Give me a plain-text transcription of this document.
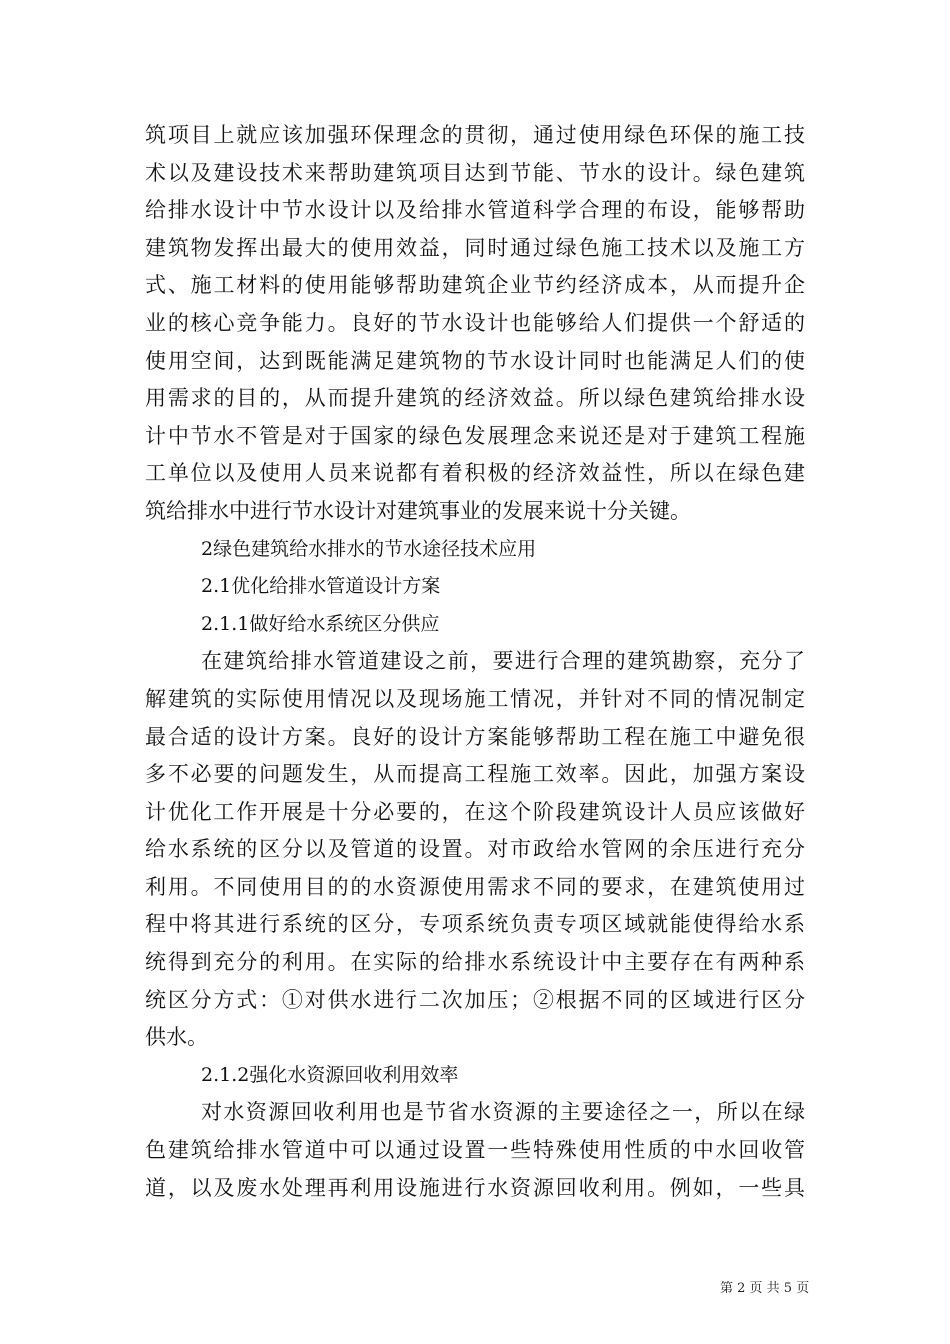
筑项目上就应该加强环保理念的贯彻，通过使用绿色环保的施工技
术以及建设技术来帮助建筑项目达到节能、节水的设计。绿色建筑
给排水设计中节水设计以及给排水管道科学合理的布设，能够帮助
建筑物发挥出最大的使用效益，同时通过绿色施工技术以及施工方
式、施工材料的使用能够帮助建筑企业节约经济成本，从而提升企
业的核心竞争能力。良好的节水设计也能够给人们提供一个舒适的
使用空间，达到既能满足建筑物的节水设计同时也能满足人们的使
用需求的目的，从而提升建筑的经济效益。所以绿色建筑给排水设
计中节水不管是对于国家的绿色发展理念来说还是对于建筑工程施
工单位以及使用人员来说都有着积极的经济效益性，所以在绿色建
筑给排水中进行节水设计对建筑事业的发展来说十分关键。
2绿色建筑给水排水的节水途径技术应用
2.1优化给排水管道设计方案
2.1.1做好给水系统区分供应
在建筑给排水管道建设之前，要进行合理的建筑勘察，充分了
解建筑的实际使用情况以及现场施工情况，并针对不同的情况制定
最合适的设计方案。良好的设计方案能够帮助工程在施工中避免很
多不必要的问题发生，从而提高工程施工效率。因此，加强方案设
计优化工作开展是十分必要的，在这个阶段建筑设计人员应该做好
给水系统的区分以及管道的设置。对市政给水管网的余压进行充分
利用。不同使用目的的水资源使用需求不同的要求，在建筑使用过
程中将其进行系统的区分，专项系统负责专项区域就能使得给水系
统得到充分的利用。在实际的给排水系统设计中主要存在有两种系
统区分方式：①对供水进行二次加压；②根据不同的区域进行区分
供水。
2.1.2强化水资源回收利用效率
对水资源回收利用也是节省水资源的主要途径之一，所以在绿
色建筑给排水管道中可以通过设置一些特殊使用性质的中水回收管
道，以及废水处理再利用设施进行水资源回收利用。例如，一些具
第 2 页 共 5 页
